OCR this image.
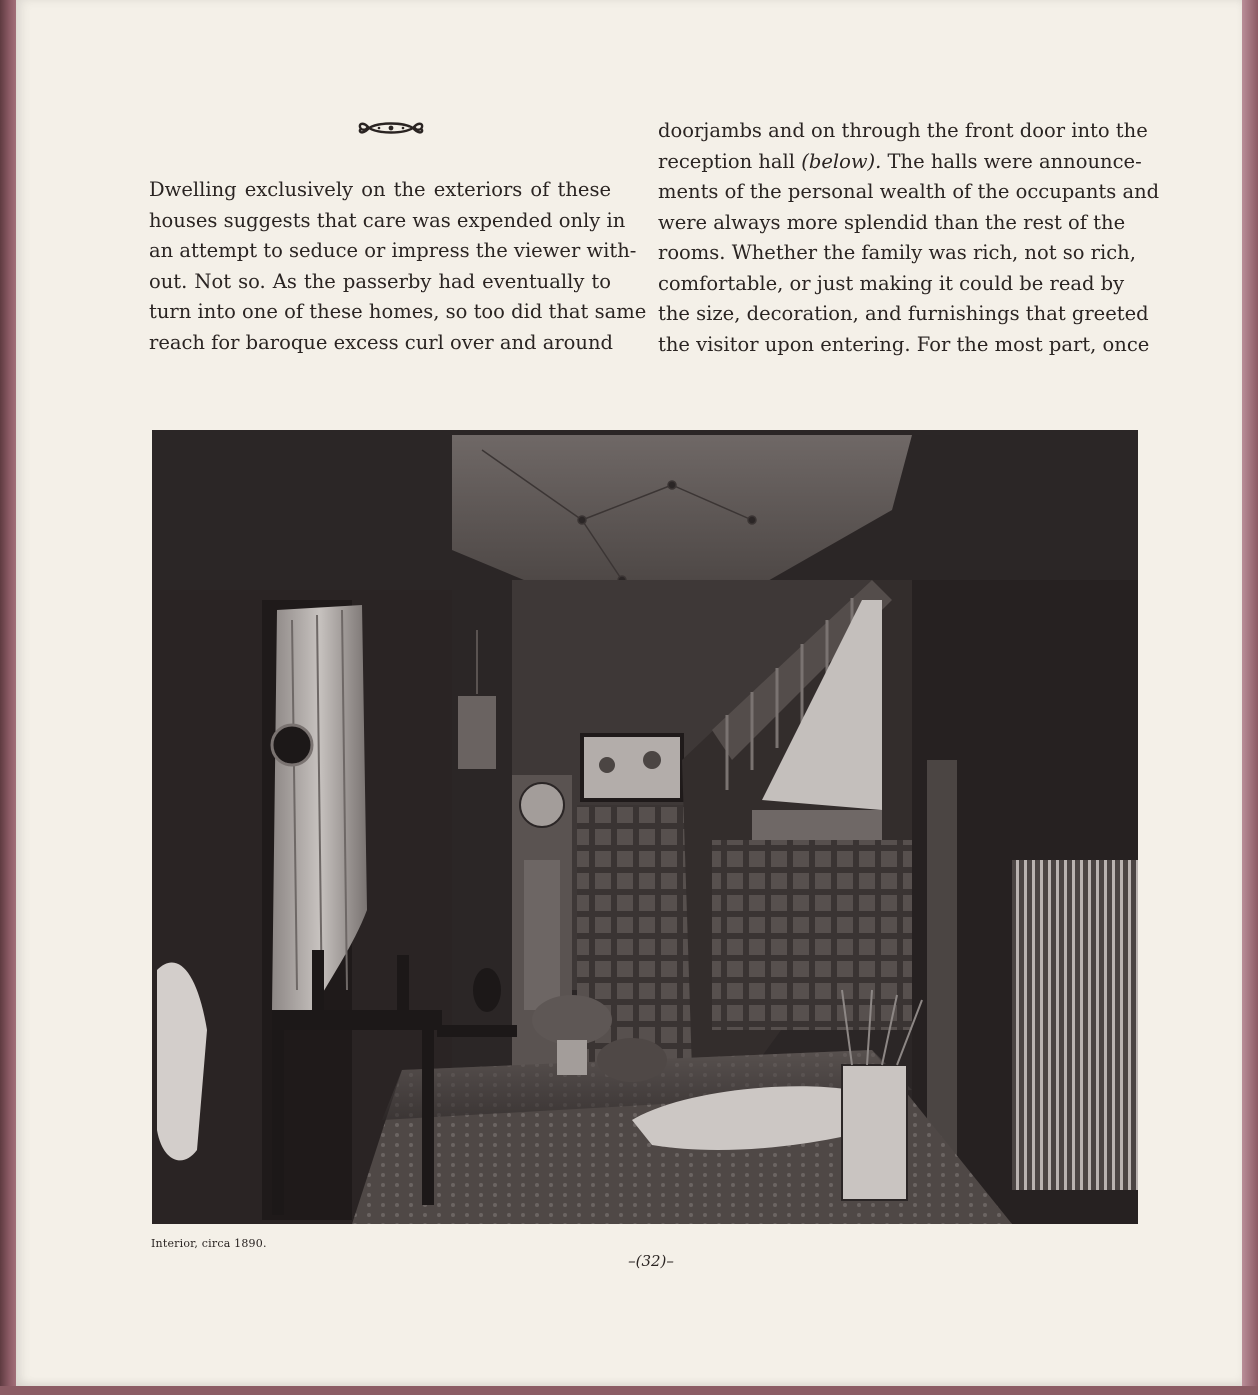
Dwelling exclusively on the exteriors of these
houses suggests that care was expended only in
an attempt to seduce or impress the viewer with-
out. Not so. As the passerby had eventually to
turn into one of these homes, so too did that same
reach for baroque excess curl over and around
doorjambs and on through the front door into the
reception hall (below). The halls were announce-
ments of the personal wealth of the occupants and
were always more splendid than the rest of the
rooms. Whether the family was rich, not so rich,
comfortable, or just making it could be read by
the size, decoration, and furnishings that greeted
the visitor upon entering. For the most part, once
Interior, circa 1890.
–(32)–
